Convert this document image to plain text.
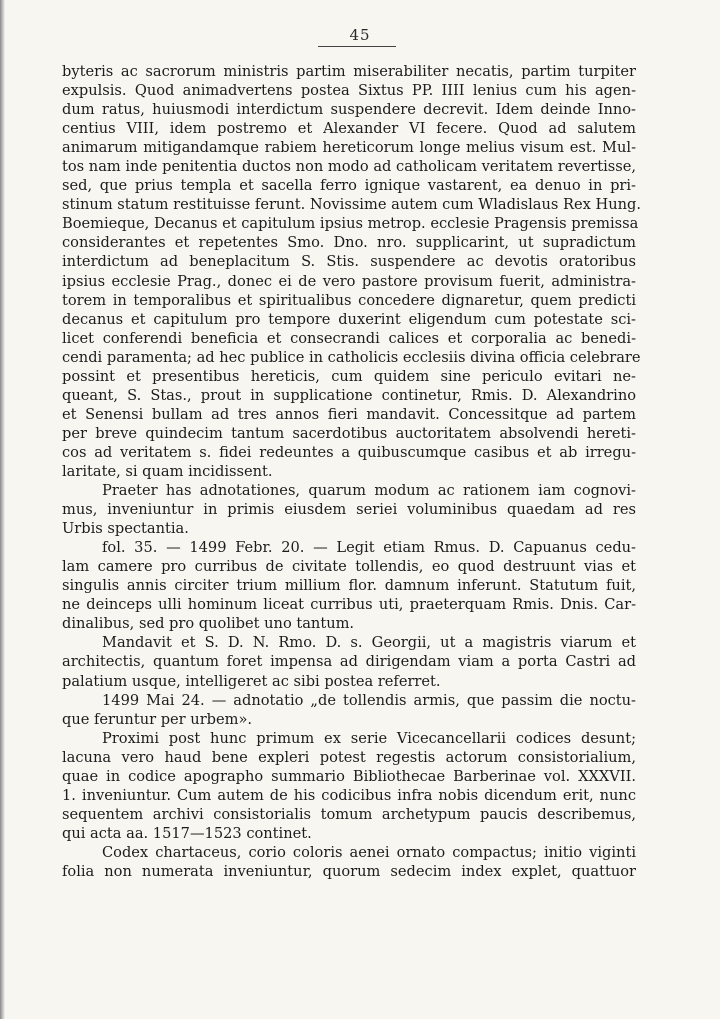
45
byteris ac sacrorum ministris partim miserabiliter necatis, partim turpiter
expulsis. Quod animadvertens postea Sixtus PP. IIII lenius cum his agen-
dum ratus, huiusmodi interdictum suspendere decrevit. Idem deinde Inno-
centius VIII, idem postremo et Alexander VI fecere. Quod ad salutem
animarum mitigandamque rabiem hereticorum longe melius visum est. Mul-
tos nam inde penitentia ductos non modo ad catholicam veritatem revertisse,
sed, que prius templa et sacella ferro ignique vastarent, ea denuo in pri-
stinum statum restituisse ferunt. Novissime autem cum Wladislaus Rex Hung.
Boemieque, Decanus et capitulum ipsius metrop. ecclesie Pragensis premissa
considerantes et repetentes Smo. Dno. nro. supplicarint, ut supradictum
interdictum ad beneplacitum S. Stis. suspendere ac devotis oratoribus
ipsius ecclesie Prag., donec ei de vero pastore provisum fuerit, administra-
torem in temporalibus et spiritualibus concedere dignaretur, quem predicti
decanus et capitulum pro tempore duxerint eligendum cum potestate sci-
licet conferendi beneficia et consecrandi calices et corporalia ac benedi-
cendi paramenta; ad hec publice in catholicis ecclesiis divina officia celebrare
possint et presentibus hereticis, cum quidem sine periculo evitari ne-
queant, S. Stas., prout in supplicatione continetur, Rmis. D. Alexandrino
et Senensi bullam ad tres annos fieri mandavit. Concessitque ad partem
per breve quindecim tantum sacerdotibus auctoritatem absolvendi hereti-
cos ad veritatem s. fidei redeuntes a quibuscumque casibus et ab irregu-
laritate, si quam incidissent.
Praeter has adnotationes, quarum modum ac rationem iam cognovi-
mus, inveniuntur in primis eiusdem seriei voluminibus quaedam ad res
Urbis spectantia.
fol. 35. — 1499 Febr. 20. — Legit etiam Rmus. D. Capuanus cedu-
lam camere pro curribus de civitate tollendis, eo quod destruunt vias et
singulis annis circiter trium millium flor. damnum inferunt. Statutum fuit,
ne deinceps ulli hominum liceat curribus uti, praeterquam Rmis. Dnis. Car-
dinalibus, sed pro quolibet uno tantum.
Mandavit et S. D. N. Rmo. D. s. Georgii, ut a magistris viarum et
architectis, quantum foret impensa ad dirigendam viam a porta Castri ad
palatium usque, intelligeret ac sibi postea referret.
1499 Mai 24. — adnotatio „de tollendis armis, que passim die noctu-
que feruntur per urbem».
Proximi post hunc primum ex serie Vicecancellarii codices desunt;
lacuna vero haud bene expleri potest regestis actorum consistorialium,
quae in codice apographo summario Bibliothecae Barberinae vol. XXXVII.
1. inveniuntur. Cum autem de his codicibus infra nobis dicendum erit, nunc
sequentem archivi consistorialis tomum archetypum paucis describemus,
qui acta aa. 1517—1523 continet.
Codex chartaceus, corio coloris aenei ornato compactus; initio viginti
folia non numerata inveniuntur, quorum sedecim index explet, quattuor
